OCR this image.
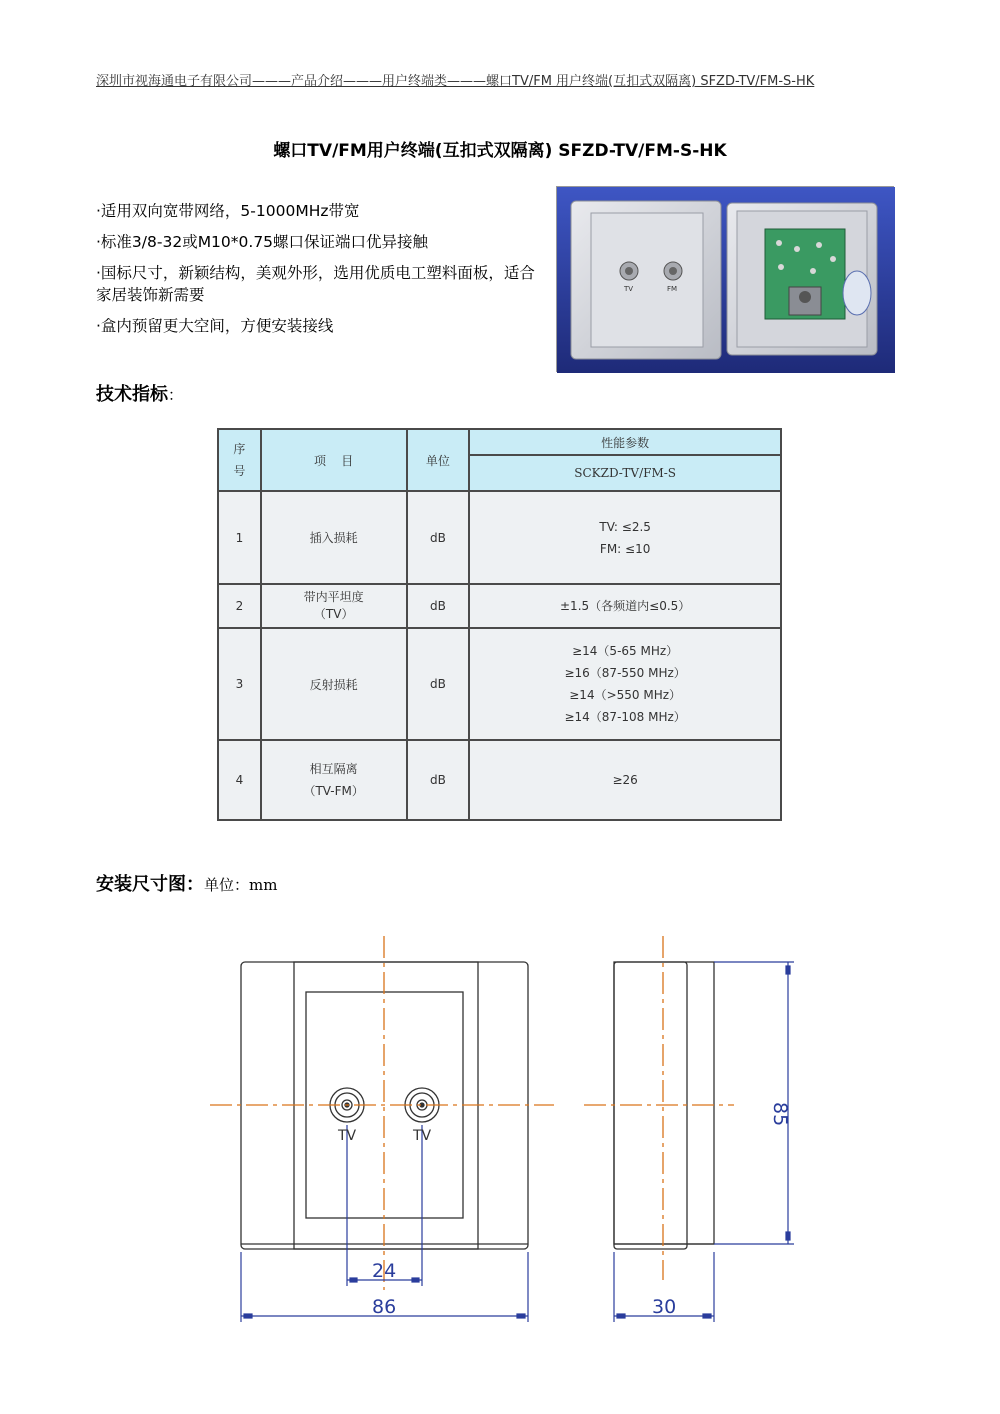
深圳市视海通电子有限公司———产品介绍———用户终端类———螺口TV/FM 用户终端(互扣式双隔离) SFZD-TV/FM-S-HK
螺口TV/FM用户终端(互扣式双隔离) SFZD-TV/FM-S-HK
·适用双向宽带网络，5-1000MHz带宽
·标准3/8-32或M10*0.75螺口保证端口优异接触
·国标尺寸，新颖结构，美观外形，选用优质电工塑料面板，适合家居装饰新需要
·盒内预留更大空间，方便安装接线
TV	FM
技术指标：
序号	项    目	单位	性能参数
			SCKZD-TV/FM-S
1	插入损耗	dB	TV: ≤2.5
FM: ≤10

2	带内平坦度（TV）	dB	±1.5（各频道内≤0.5）

3	反射损耗	dB	≥14（5-65 MHz）
≥16（87-550 MHz）
≥14（>550 MHz）
≥14（87-108 MHz）

4	相互隔离（TV-FM）	dB	≥26
安装尺寸图：单位：mm
TV	TV
24
86	30
85
